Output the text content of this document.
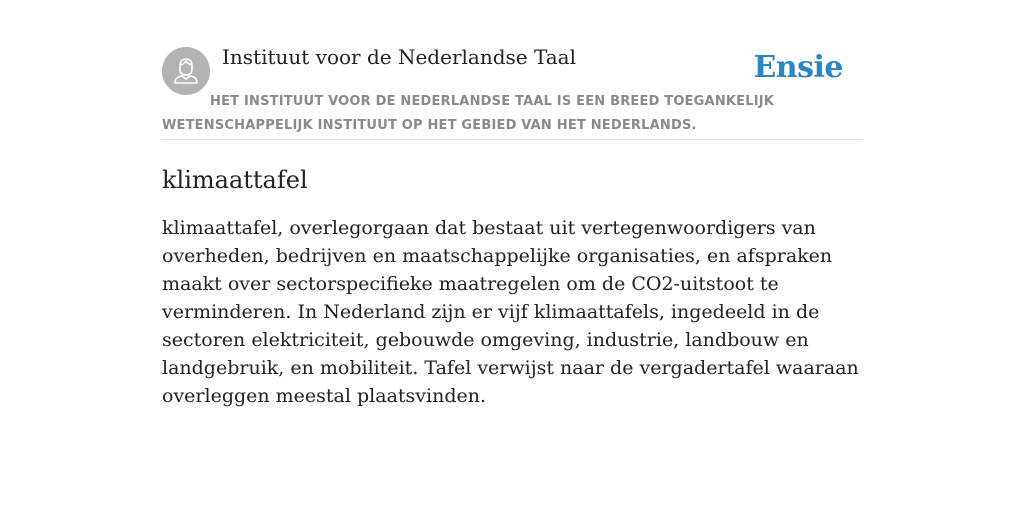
Instituut voor de Nederlandse Taal	Ensie
HET INSTITUUT VOOR DE NEDERLANDSE TAAL IS EEN BREED TOEGANKELIJK WETENSCHAPPELIJK INSTITUUT OP HET GEBIED VAN HET NEDERLANDS.
klimaattafel

klimaattafel, overlegorgaan dat bestaat uit vertegenwoordigers van overheden, bedrijven en maatschappelijke organisaties, en afspraken maakt over sectorspecifieke maatregelen om de CO2-uitstoot te verminderen. In Nederland zijn er vijf klimaattafels, ingedeeld in de sectoren elektriciteit, gebouwde omgeving, industrie, landbouw en landgebruik, en mobiliteit. Tafel verwijst naar de vergadertafel waaraan overleggen meestal plaatsvinden.
